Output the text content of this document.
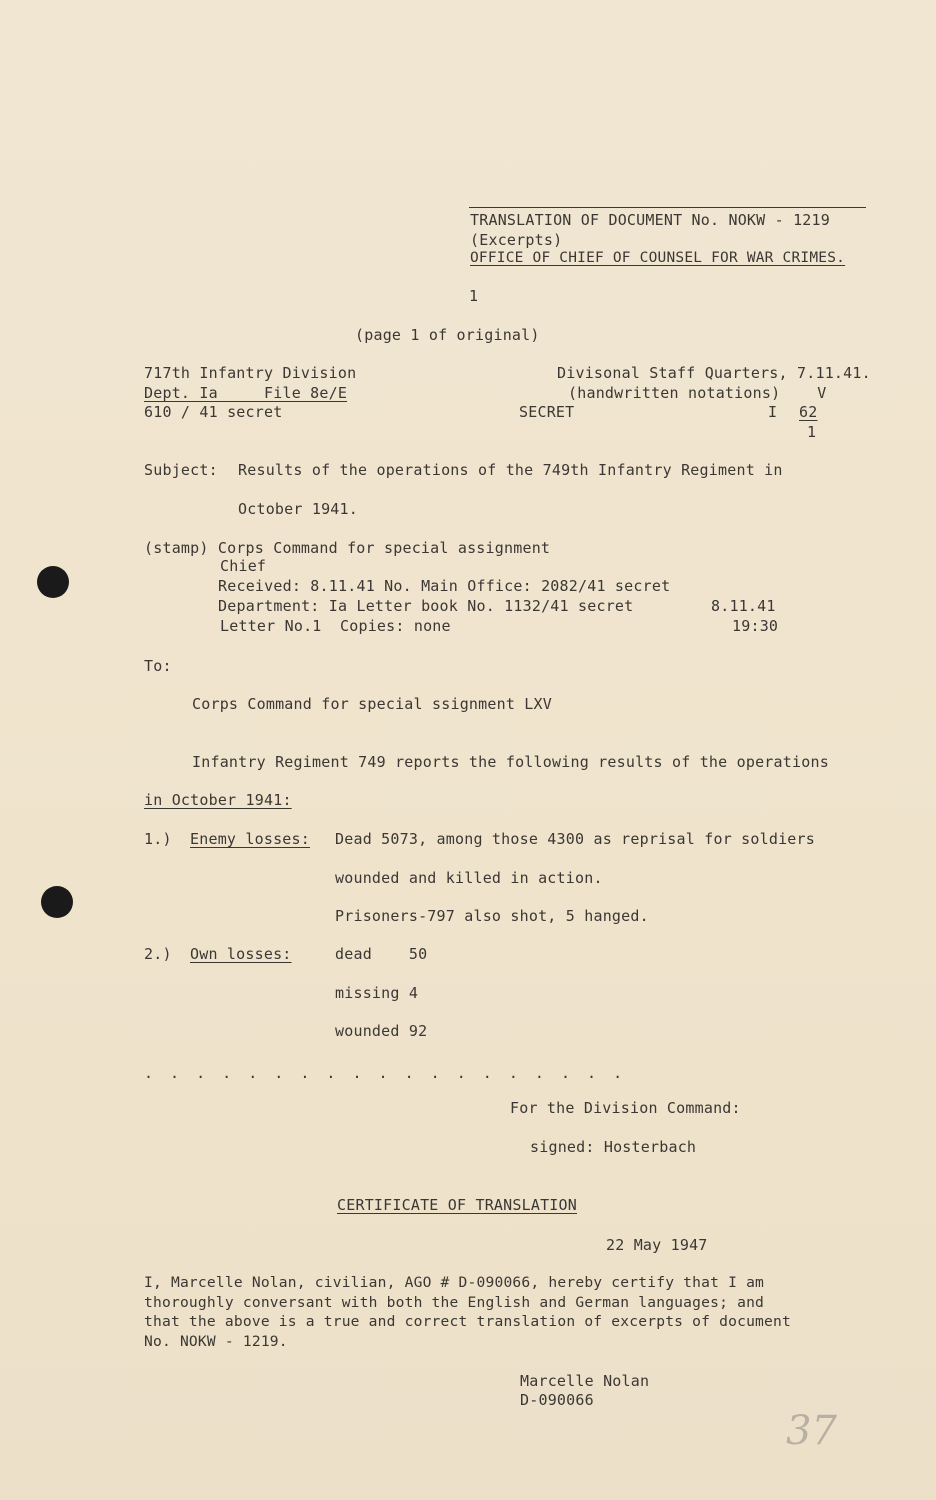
TRANSLATION OF DOCUMENT No. NOKW - 1219
(Excerpts)
OFFICE OF CHIEF OF COUNSEL FOR WAR CRIMES.
1
(page 1 of original)
717th Infantry Division
Dept. Ia     File 8e/E
610 / 41 secret
Divisonal Staff Quarters, 7.11.41.
(handwritten notations)    V
SECRET	I 62
1
Subject: Results of the operations of the 749th Infantry Regiment in
October 1941.
(stamp) Corps Command for special assignment
Chief
Received: 8.11.41 No. Main Office: 2082/41 secret
Department: Ia Letter book No. 1132/41 secret	8.11.41
Letter No.1  Copies: none	19:30
To:
Corps Command for special ssignment LXV
Infantry Regiment 749 reports the following results of the operations
in October 1941:
1.) Enemy losses: Dead 5073, among those 4300 as reprisal for soldiers
wounded and killed in action.
Prisoners-797 also shot, 5 hanged.
2.) Own losses:	dead    50
missing 4
wounded 92
. . . . . . . . . . . . . . . . . . .
For the Division Command:
signed: Hosterbach
CERTIFICATE OF TRANSLATION
22 May 1947
I, Marcelle Nolan, civilian, AGO # D-090066, hereby certify that I am
thoroughly conversant with both the English and German languages; and
that the above is a true and correct translation of excerpts of document
No. NOKW - 1219.
Marcelle Nolan
D-090066
37
